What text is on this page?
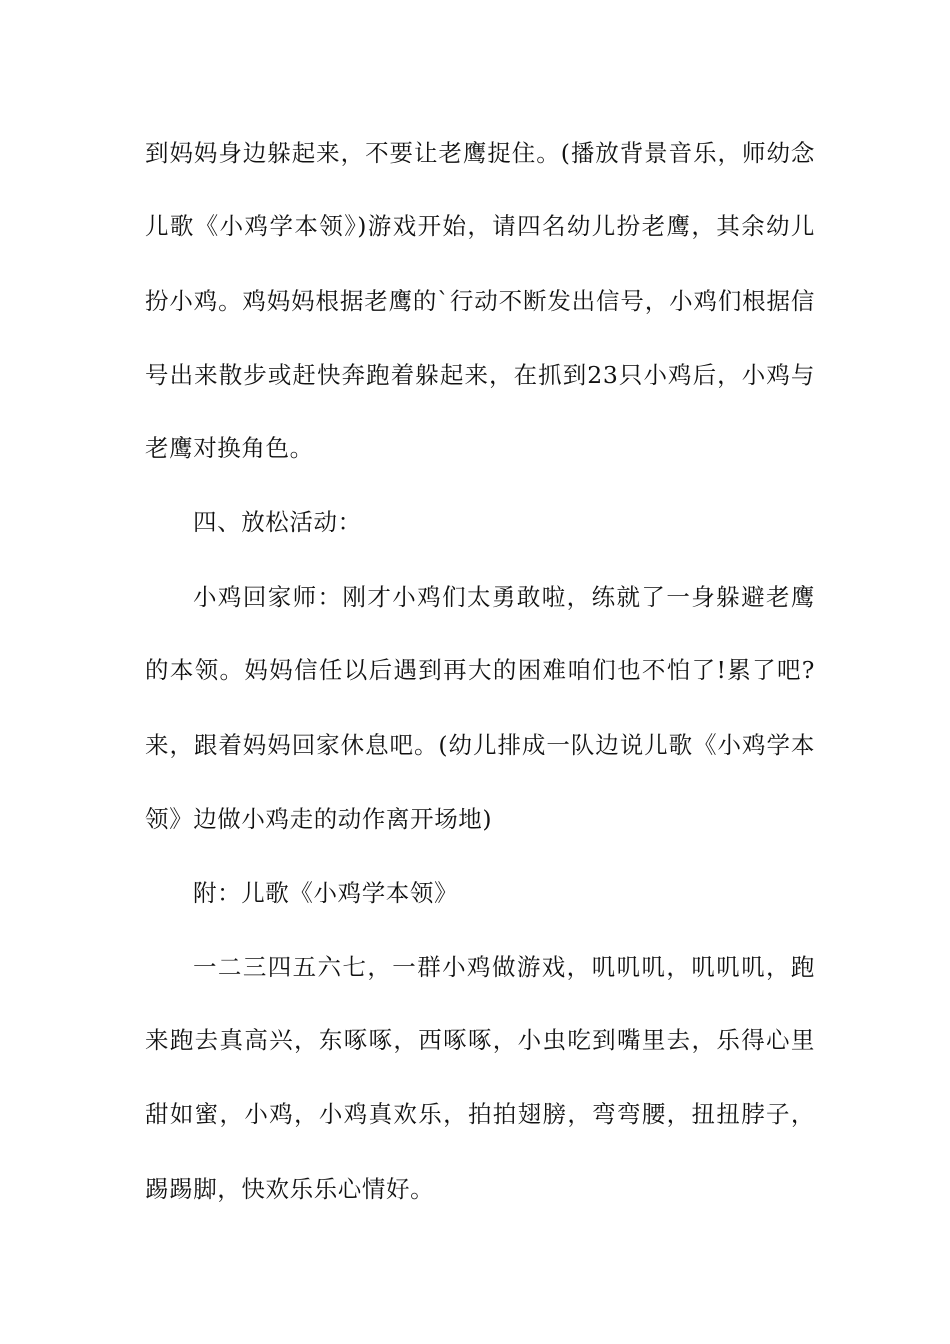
到妈妈身边躲起来，不要让老鹰捉住。(播放背景音乐，师幼念
儿歌《小鸡学本领》)游戏开始，请四名幼儿扮老鹰，其余幼儿
扮小鸡。鸡妈妈根据老鹰的`行动不断发出信号，小鸡们根据信
号出来散步或赶快奔跑着躲起来，在抓到23只小鸡后，小鸡与
老鹰对换角色。
四、放松活动：
小鸡回家师：刚才小鸡们太勇敢啦，练就了一身躲避老鹰
的本领。妈妈信任以后遇到再大的困难咱们也不怕了!累了吧?
来，跟着妈妈回家休息吧。(幼儿排成一队边说儿歌《小鸡学本
领》边做小鸡走的动作离开场地)
附：儿歌《小鸡学本领》
一二三四五六七，一群小鸡做游戏，叽叽叽，叽叽叽，跑
来跑去真高兴，东啄啄，西啄啄，小虫吃到嘴里去，乐得心里
甜如蜜，小鸡，小鸡真欢乐，拍拍翅膀，弯弯腰，扭扭脖子，
踢踢脚，快欢乐乐心情好。
